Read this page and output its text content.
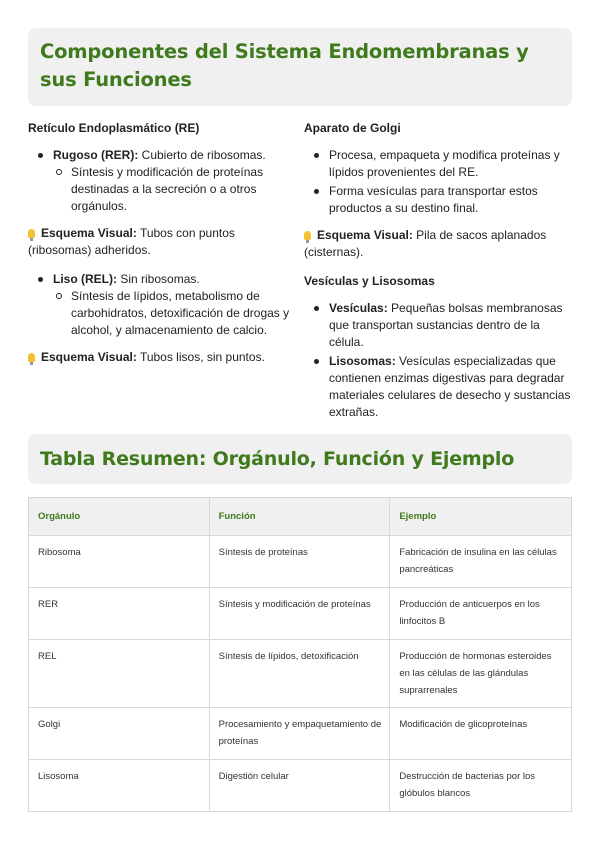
Componentes del Sistema Endomembranas y sus Funciones
Retículo Endoplasmático (RE)
Rugoso (RER): Cubierto de ribosomas.
Síntesis y modificación de proteínas destinadas a la secreción o a otros orgánulos.
Esquema Visual: Tubos con puntos (ribosomas) adheridos.
Liso (REL): Sin ribosomas.
Síntesis de lípidos, metabolismo de carbohidratos, detoxificación de drogas y alcohol, y almacenamiento de calcio.
Esquema Visual: Tubos lisos, sin puntos.
Aparato de Golgi
Procesa, empaqueta y modifica proteínas y lípidos provenientes del RE.
Forma vesículas para transportar estos productos a su destino final.
Esquema Visual: Pila de sacos aplanados (cisternas).
Vesículas y Lisosomas
Vesículas: Pequeñas bolsas membranosas que transportan sustancias dentro de la célula.
Lisosomas: Vesículas especializadas que contienen enzimas digestivas para degradar materiales celulares de desecho y sustancias extrañas.
Tabla Resumen: Orgánulo, Función y Ejemplo
Orgánulo	Función	Ejemplo
Ribosoma	Síntesis de proteínas	Fabricación de insulina en las células pancreáticas
RER	Síntesis y modificación de proteínas	Producción de anticuerpos en los linfocitos B
REL	Síntesis de lípidos, detoxificación	Producción de hormonas esteroides en las células de las glándulas suprarrenales
Golgi	Procesamiento y empaquetamiento de proteínas	Modificación de glicoproteínas
Lisosoma	Digestión celular	Destrucción de bacterias por los glóbulos blancos
